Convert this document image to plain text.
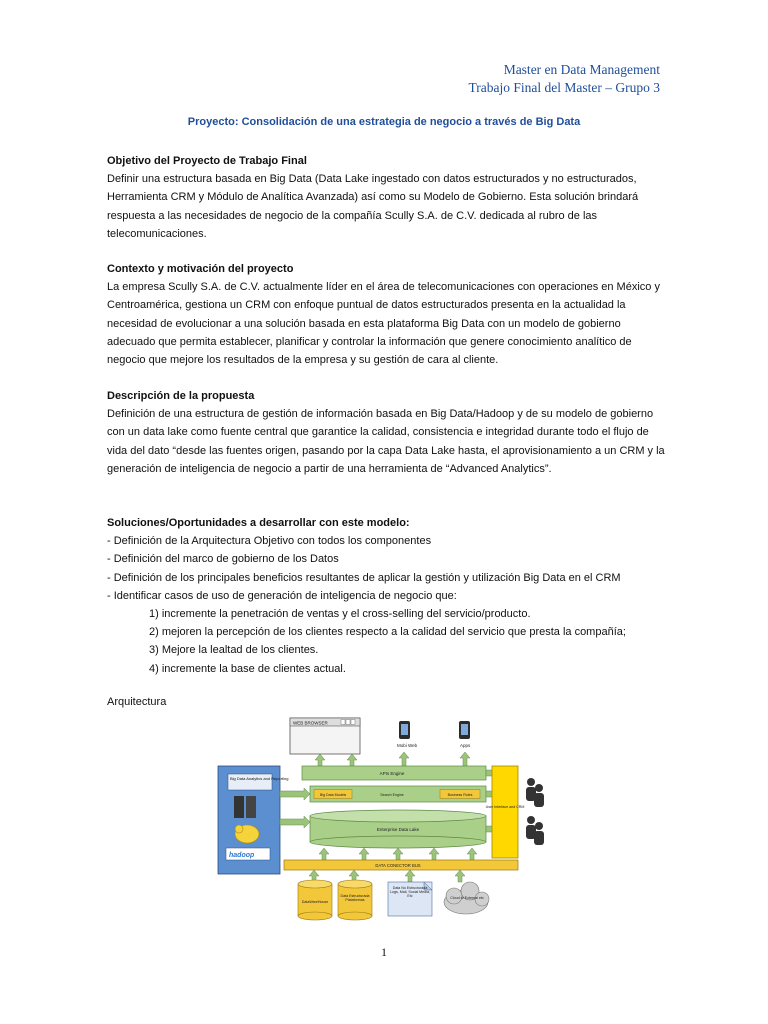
Master en Data Management
Trabajo Final del Master – Grupo 3
Proyecto: Consolidación de una estrategia de negocio a través de Big Data

Objetivo del Proyecto de Trabajo Final

Definir una estructura basada en Big Data (Data Lake ingestado con datos estructurados y no estructurados, Herramienta CRM y Módulo de Analítica Avanzada) así como su Modelo de Gobierno. Esta solución brindará respuesta a las necesidades de negocio de la compañía Scully S.A. de C.V. dedicada al rubro de las telecomunicaciones.

Contexto y motivación del proyecto

La empresa Scully S.A. de C.V. actualmente líder en el área de telecomunicaciones con operaciones en México y Centroamérica, gestiona un CRM con enfoque puntual de datos estructurados presenta en la actualidad la necesidad de evolucionar a una solución basada en esta plataforma Big Data con un modelo de gobierno adecuado que permita establecer, planificar y controlar la información que genere conocimiento analítico de negocio que mejore los resultados de la empresa y su gestión de cara al cliente.

Descripción de la propuesta

Definición de una estructura de gestión de información basada en Big Data/Hadoop y de su modelo de gobierno con un data lake como fuente central que garantice la calidad, consistencia e integridad durante todo el flujo de vida del dato “desde las fuentes origen, pasando por la capa Data Lake hasta, el aprovisionamiento a un CRM y la generación de inteligencia de negocio a partir de una herramienta de “Advanced Analytics”.

Soluciones/Oportunidades a desarrollar con este modelo:

- Definición de la Arquitectura Objetivo con todos los componentes

- Definición del marco de gobierno de los Datos

- Definición de los principales beneficios resultantes de aplicar la gestión y utilización Big Data en el CRM

- Identificar casos de uso de generación de inteligencia de negocio que:

1) incremente la penetración de ventas y el cross-selling del servicio/producto.

2) mejoren la percepción de los clientes respecto a la calidad del servicio que presta la compañía;

3) Mejore la lealtad de los clientes.

4) incremente la base de clientes actual.

Arquitectura
WEB BROWSER
Mobi Web	Apps
APIs Engine
Big Data Analytics and Reporting
hadoop
Big Data Models	Search Engine	Business Rules
Enterprise Data Lake
User Interface and CRM
DATA CONECTOR BUS
DataWareHouse
Data Estructurada Plataformas
Data No Estructurada Logs, Mail, Social Media, Etc	Cloud or External etc
1
